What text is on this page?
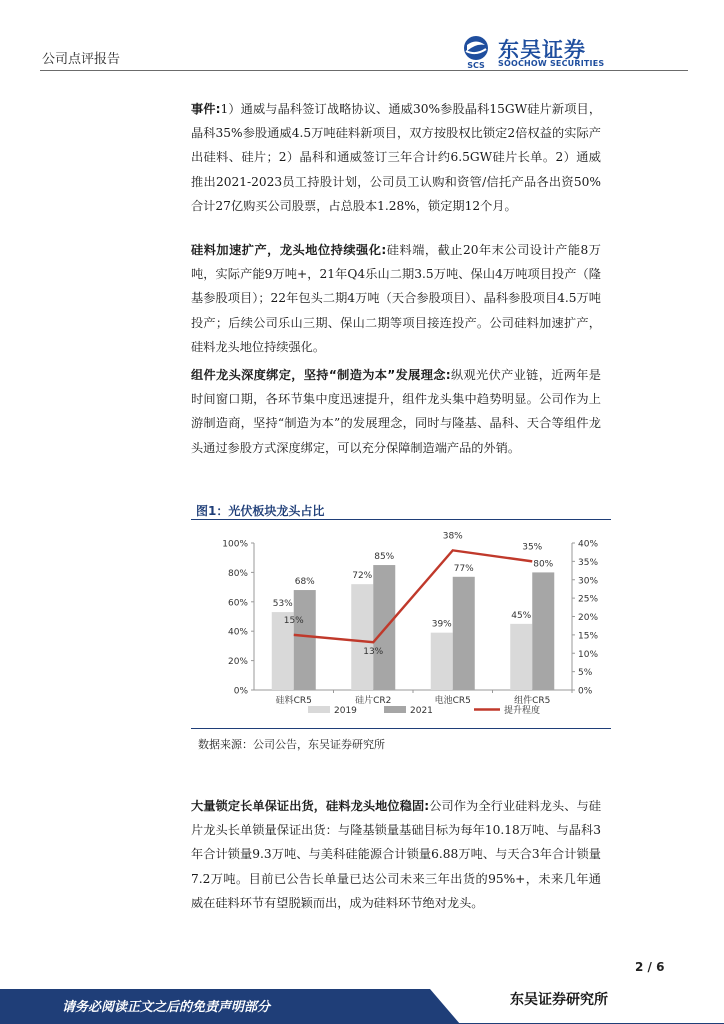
公司点评报告	SCS
东吴证券
SOOCHOW SECURITIES

事件:1）通威与晶科签订战略协议、通威30%参股晶科15GW硅片新项目，晶科35%参股通威4.5万吨硅料新项目，双方按股权比锁定2倍权益的实际产出硅料、硅片；2）晶科和通威签订三年合计约6.5GW硅片长单。2）通威推出2021-2023员工持股计划，公司员工认购和资管/信托产品各出资50%合计27亿购买公司股票，占总股本1.28%，锁定期12个月。

硅料加速扩产，龙头地位持续强化:硅料端，截止20年末公司设计产能8万吨，实际产能9万吨+，21年Q4乐山二期3.5万吨、保山4万吨项目投产（隆基参股项目）；22年包头二期4万吨（天合参股项目）、晶科参股项目4.5万吨投产；后续公司乐山三期、保山二期等项目接连投产。公司硅料加速扩产，硅料龙头地位持续强化。

组件龙头深度绑定，坚持“制造为本”发展理念:纵观光伏产业链，近两年是时间窗口期，各环节集中度迅速提升，组件龙头集中趋势明显。公司作为上游制造商，坚持“制造为本”的发展理念，同时与隆基、晶科、天合等组件龙头通过参股方式深度绑定，可以充分保障制造端产品的外销。

图1：光伏板块龙头占比
0%
20%
40%
60%
80%
100%
0%
5%
10%
15%
20%
25%
30%
35%
40%
硅料CR5
53%
68%
硅片CR2
72%
85%
电池CR5
39%
77%
组件CR5
45%
80%
15%
13%
38%
35%
2019	2021	提升程度
数据来源：公司公告，东吴证券研究所

大量锁定长单保证出货，硅料龙头地位稳固:公司作为全行业硅料龙头、与硅片龙头长单锁量保证出货：与隆基锁量基础目标为每年10.18万吨、与晶科3年合计锁量9.3万吨、与美科硅能源合计锁量6.88万吨、与天合3年合计锁量7.2万吨。目前已公告长单量已达公司未来三年出货的95%+，未来几年通威在硅料环节有望脱颖而出，成为硅料环节绝对龙头。

2 / 6
请务必阅读正文之后的免责声明部分	东吴证券研究所
